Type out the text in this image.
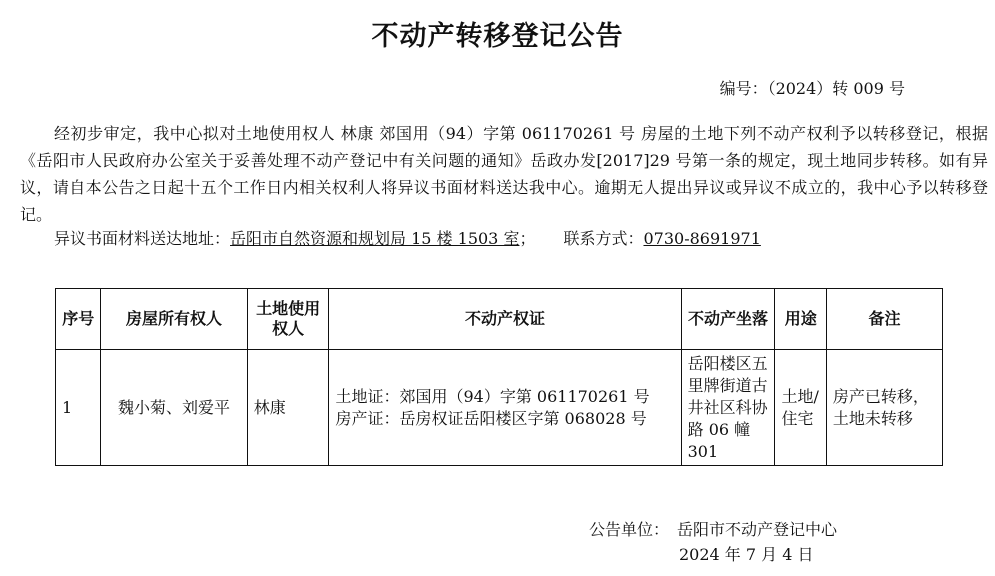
不动产转移登记公告
编号：（2024）转 009 号
经初步审定，我中心拟对土地使用权人 林康 郊国用（94）字第 061170261 号 房屋的土地下列不动产权利予以转移登记，根据《岳阳市人民政府办公室关于妥善处理不动产登记中有关问题的通知》岳政办发[2017]29 号第一条的规定，现土地同步转移。如有异议，请自本公告之日起十五个工作日内相关权利人将异议书面材料送达我中心。逾期无人提出异议或异议不成立的，我中心予以转移登记。
异议书面材料送达地址：岳阳市自然资源和规划局 15 楼 1503 室； 联系方式：0730-8691971
序号	房屋所有权人	土地使用权人	不动产权证	不动产坐落	用途	备注
1	魏小菊、刘爱平	林康	土地证：郊国用（94）字第 061170261 号
房产证：岳房权证岳阳楼区字第 068028 号	岳阳楼区五里牌街道古井社区科协路 06 幢 301	土地/住宅	房产已转移，土地未转移
公告单位：　岳阳市不动产登记中心
2024 年 7 月 4 日
